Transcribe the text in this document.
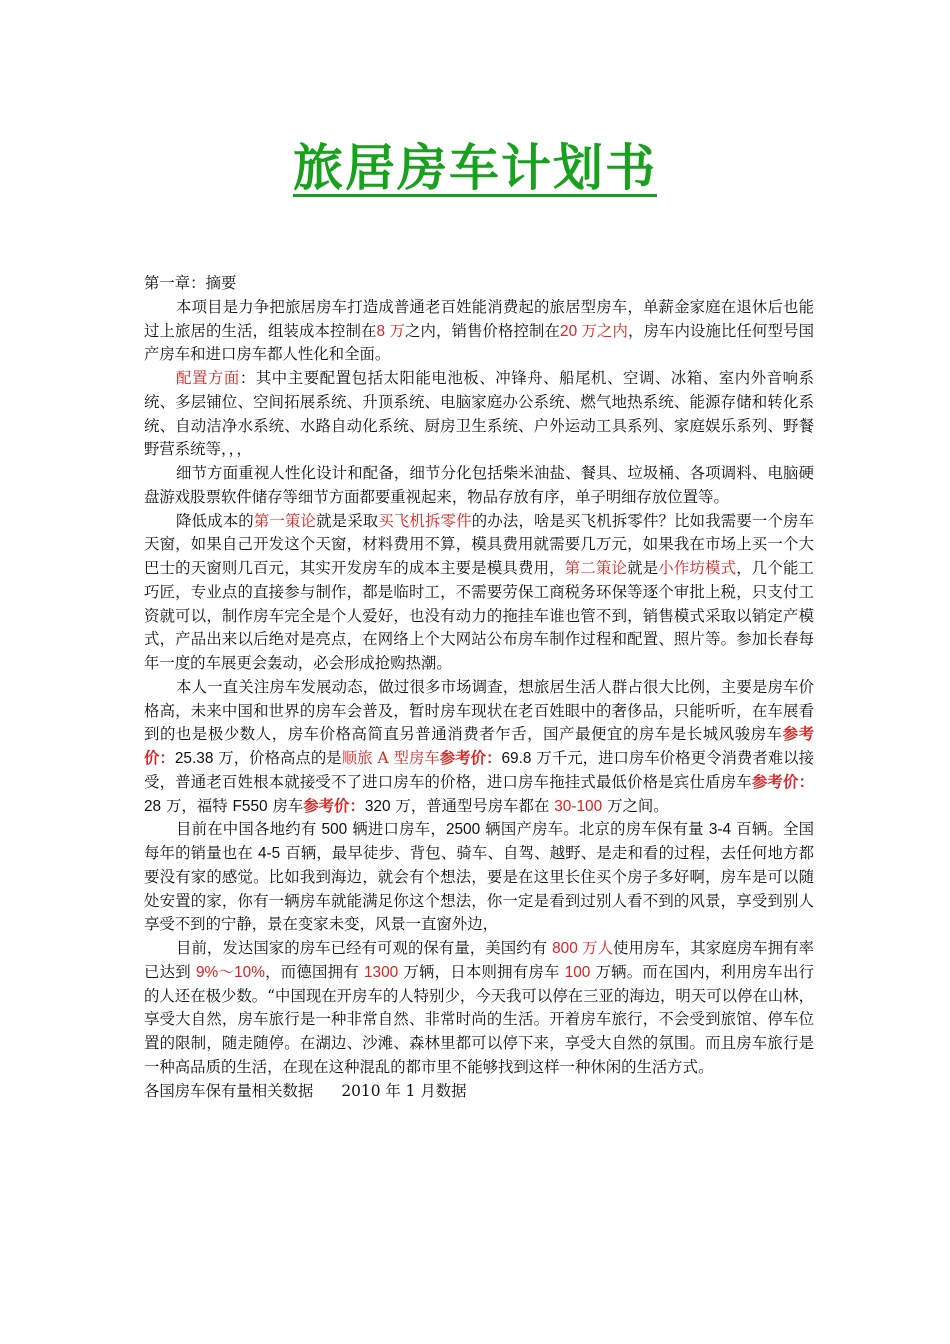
旅居房车计划书

第一章：摘要

本项目是力争把旅居房车打造成普通老百姓能消费起的旅居型房车，单薪金家庭在退休后也能过上旅居的生活，组装成本控制在8 万之内，销售价格控制在20 万之内，房车内设施比任何型号国产房车和进口房车都人性化和全面。

配置方面：其中主要配置包括太阳能电池板、冲锋舟、船尾机、空调、冰箱、室内外音响系统、多层铺位、空间拓展系统、升顶系统、电脑家庭办公系统、燃气地热系统、能源存储和转化系统、自动洁净水系统、水路自动化系统、厨房卫生系统、户外运动工具系列、家庭娱乐系列、野餐野营系统等，，，

细节方面重视人性化设计和配备，细节分化包括柴米油盐、餐具、垃圾桶、各项调料、电脑硬盘游戏股票软件储存等细节方面都要重视起来，物品存放有序，单子明细存放位置等。

降低成本的第一策论就是采取买飞机拆零件的办法，啥是买飞机拆零件？比如我需要一个房车天窗，如果自己开发这个天窗，材料费用不算，模具费用就需要几万元，如果我在市场上买一个大巴士的天窗则几百元，其实开发房车的成本主要是模具费用，第二策论就是小作坊模式，几个能工巧匠，专业点的直接参与制作，都是临时工，不需要劳保工商税务环保等逐个审批上税，只支付工资就可以，制作房车完全是个人爱好，也没有动力的拖挂车谁也管不到，销售模式采取以销定产模式，产品出来以后绝对是亮点，在网络上个大网站公布房车制作过程和配置、照片等。参加长春每年一度的车展更会轰动，必会形成抢购热潮。

本人一直关注房车发展动态，做过很多市场调查，想旅居生活人群占很大比例，主要是房车价格高，未来中国和世界的房车会普及，暂时房车现状在老百姓眼中的奢侈品，只能听听，在车展看到的也是极少数人，房车价格高简直另普通消费者乍舌，国产最便宜的房车是长城风骏房车参考价：25.38 万，价格高点的是顺旅 A 型房车参考价：69.8 万千元，进口房车价格更令消费者难以接受，普通老百姓根本就接受不了进口房车的价格，进口房车拖挂式最低价格是宾仕盾房车参考价：28 万，福特 F550 房车参考价：320 万，普通型号房车都在 30-100 万之间。

目前在中国各地约有 500 辆进口房车，2500 辆国产房车。北京的房车保有量 3-4 百辆。全国每年的销量也在 4-5 百辆，最早徒步、背包、骑车、自驾、越野、是走和看的过程，去任何地方都要没有家的感觉。比如我到海边，就会有个想法，要是在这里长住买个房子多好啊，房车是可以随处安置的家，你有一辆房车就能满足你这个想法，你一定是看到过别人看不到的风景，享受到别人享受不到的宁静，景在变家未变，风景一直窗外边，

目前，发达国家的房车已经有可观的保有量，美国约有 800 万人使用房车，其家庭房车拥有率已达到 9%～10%，而德国拥有 1300 万辆，日本则拥有房车 100 万辆。而在国内，利用房车出行的人还在极少数。“中国现在开房车的人特别少，今天我可以停在三亚的海边，明天可以停在山林，享受大自然，房车旅行是一种非常自然、非常时尚的生活。开着房车旅行，不会受到旅馆、停车位置的限制，随走随停。在湖边、沙滩、森林里都可以停下来，享受大自然的氛围。而且房车旅行是一种高品质的生活，在现在这种混乱的都市里不能够找到这样一种休闲的生活方式。

各国房车保有量相关数据 2010 年 1 月数据
